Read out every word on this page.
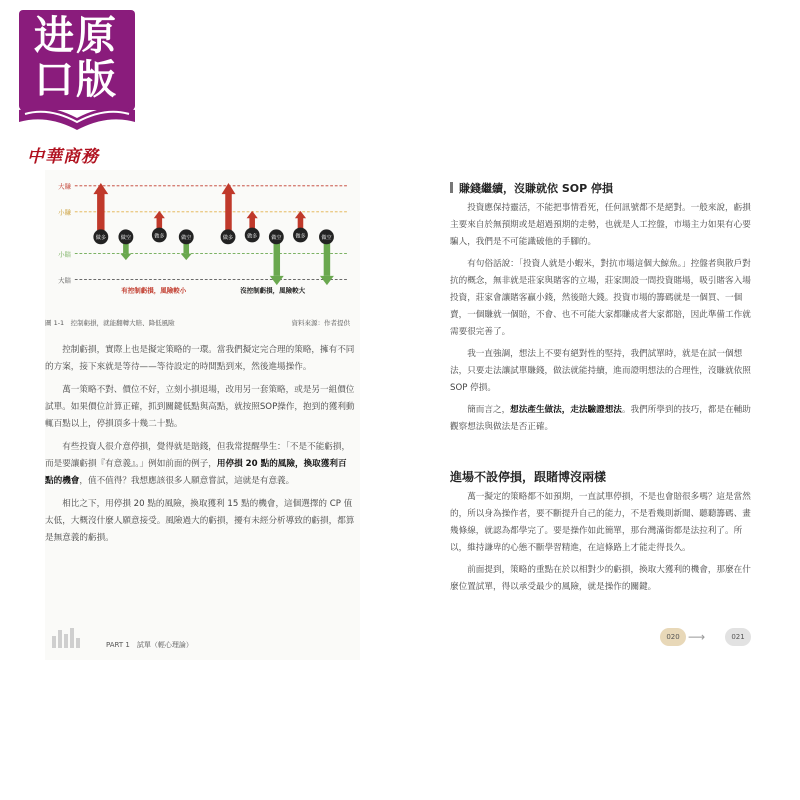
进原
口版
中華商務
大賺
小賺
小賠
大賠
做多	做空	做多	做空
有控制虧損，風險較小
做多	做多	做空	做多	做空
沒控制虧損，風險較大
圖 1-1　控制虧損，就能翻轉大賠、降低風險	資料來源：作者提供

控制虧損，實際上也是擬定策略的一環。當我們擬定完合理的策略，擁有不同的方案，接下來就是等待——等待設定的時間點到來，然後進場操作。

萬一策略不對、價位不好，立刻小損退場，改用另一套策略，或是另一組價位試單。如果價位計算正確，抓到關鍵低點與高點，就按照SOP操作，抱到的獲利動輒百點以上，停損頂多十幾二十點。

有些投資人很介意停損，覺得就是賠錢，但我常提醒學生：「不是不能虧損，而是要讓虧損『有意義』。」例如前面的例子，用停損 20 點的風險，換取獲利百點的機會，值不值得？我想應該很多人願意嘗試，這就是有意義。

相比之下，用停損 20 點的風險，換取獲利 15 點的機會，這個選擇的 CP 值太低，大概沒什麼人願意接受。風險過大的虧損，擾有未經分析導致的虧損，都算是無意義的虧損。

PART 1　試單（輕心理論）
賺錢繼續，沒賺就依 SOP 停損

投資應保持靈活，不能把事情看死，任何訊號都不是絕對。一般來說，虧損主要來自於無預期或是超過預期的走勢，也就是人工控盤，市場主力如果有心要騙人，我們是不可能識破他的手腳的。

有句俗話說：「投資人就是小蝦米，對抗市場這個大鯨魚。」控盤者與散戶對抗的概念，無非就是莊家與賭客的立場，莊家開設一間投資賭場，吸引賭客入場投資，莊家會讓賭客贏小錢，然後賠大錢。投資市場的籌碼就是一個買、一個賣，一個賺就一個賠，不會、也不可能大家都賺成者大家都賠，因此準備工作就需要很完善了。

我一直強調，想法上不要有絕對性的堅持，我們試單時，就是在試一個想法，只要走法讓試單賺錢，做法就能持續，進而證明想法的合理性，沒賺就依照 SOP 停損。

簡而言之，想法產生做法，走法驗證想法。我們所學到的技巧，都是在輔助觀察想法與做法是否正確。

進場不設停損，跟賭博沒兩樣

萬一擬定的策略都不如預期，一直試單停損，不是也會賠很多嗎？這是當然的，所以身為操作者，要不斷提升自己的能力，不是看幾則新聞、聽聽籌碼、畫幾條線，就認為都學完了。要是操作如此簡單，那台灣滿街都是法拉利了。所以，維持謙卑的心態不斷學習精進，在這條路上才能走得長久。

前面提到，策略的重點在於以相對少的虧損，換取大獲利的機會，那麼在什麼位置試單，得以承受最少的風險，就是操作的關鍵。

020 ⟶	021
